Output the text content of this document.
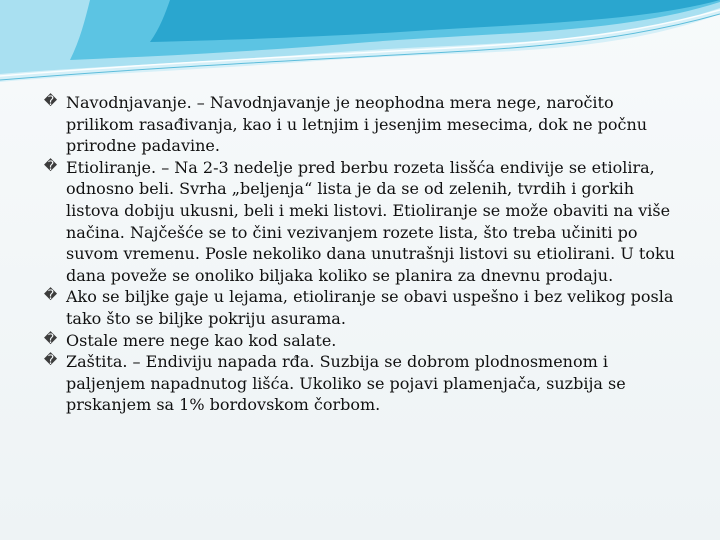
� Navodnjavanje. – Navodnjavanje je neophodna mera nege, naročito prilikom rasađivanja, kao i u letnjim i jesenjim mesecima, dok ne počnu prirodne padavine.

� Etioliranje. – Na 2-3 nedelje pred berbu rozeta lisšća endivije se etiolira, odnosno beli. Svrha „beljenja“ lista je da se od zelenih, tvrdih i gorkih listova dobiju ukusni, beli i meki listovi. Etioliranje se može obaviti na više načina. Najčešće se to čini vezivanjem rozete lista, što treba učiniti po suvom vremenu. Posle nekoliko dana unutrašnji listovi su etiolirani. U toku dana poveže se onoliko biljaka koliko se planira za dnevnu prodaju.

� Ako se biljke gaje u lejama, etioliranje se obavi uspešno i bez velikog posla tako što se biljke pokriju asurama.

� Ostale mere nege kao kod salate.

� Zaštita. – Endiviju napada rđa. Suzbija se dobrom plodnosmenom i paljenjem napadnutog lišća. Ukoliko se pojavi plamenjača, suzbija se prskanjem sa 1% bordovskom čorbom.
